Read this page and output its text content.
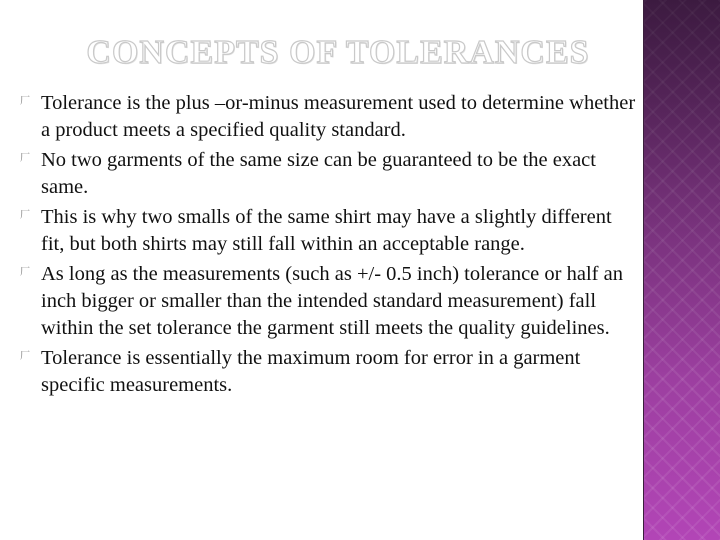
CONCEPTS OF TOLERANCES
⼚ Tolerance is the plus –or-minus measurement used to determine whether a product meets a specified quality standard.
⼚ No two garments of the same size can be guaranteed to be the exact same.
⼚ This is why two smalls of the same shirt may have a slightly different fit, but both shirts may still fall within an acceptable range.
⼚ As long as the measurements (such as +/- 0.5 inch) tolerance or half an inch bigger or smaller than the intended standard measurement) fall within the set tolerance the garment still meets the quality guidelines.
⼚ Tolerance is essentially the maximum room for error in a garment specific measurements.
